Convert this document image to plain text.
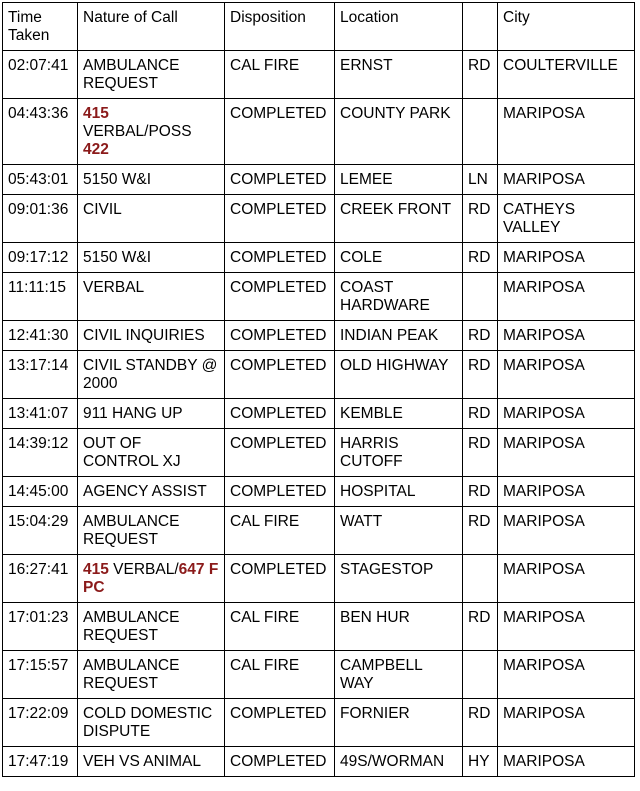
Time Taken	Nature of Call	Disposition	Location		City
02:07:41	AMBULANCE REQUEST	CAL FIRE	ERNST	RD	COULTERVILLE
04:43:36	415 VERBAL/POSS 422	COMPLETED	COUNTY PARK		MARIPOSA
05:43:01	5150 W&I	COMPLETED	LEMEE	LN	MARIPOSA
09:01:36	CIVIL	COMPLETED	CREEK FRONT	RD	CATHEYS VALLEY
09:17:12	5150 W&I	COMPLETED	COLE	RD	MARIPOSA
11:11:15	VERBAL	COMPLETED	COAST HARDWARE		MARIPOSA
12:41:30	CIVIL INQUIRIES	COMPLETED	INDIAN PEAK	RD	MARIPOSA
13:17:14	CIVIL STANDBY @ 2000	COMPLETED	OLD HIGHWAY	RD	MARIPOSA
13:41:07	911 HANG UP	COMPLETED	KEMBLE	RD	MARIPOSA
14:39:12	OUT OF CONTROL XJ	COMPLETED	HARRIS CUTOFF	RD	MARIPOSA
14:45:00	AGENCY ASSIST	COMPLETED	HOSPITAL	RD	MARIPOSA
15:04:29	AMBULANCE REQUEST	CAL FIRE	WATT	RD	MARIPOSA
16:27:41	415 VERBAL/647 F PC	COMPLETED	STAGESTOP		MARIPOSA
17:01:23	AMBULANCE REQUEST	CAL FIRE	BEN HUR	RD	MARIPOSA
17:15:57	AMBULANCE REQUEST	CAL FIRE	CAMPBELL WAY		MARIPOSA
17:22:09	COLD DOMESTIC DISPUTE	COMPLETED	FORNIER	RD	MARIPOSA
17:47:19	VEH VS ANIMAL	COMPLETED	49S/WORMAN	HY	MARIPOSA
